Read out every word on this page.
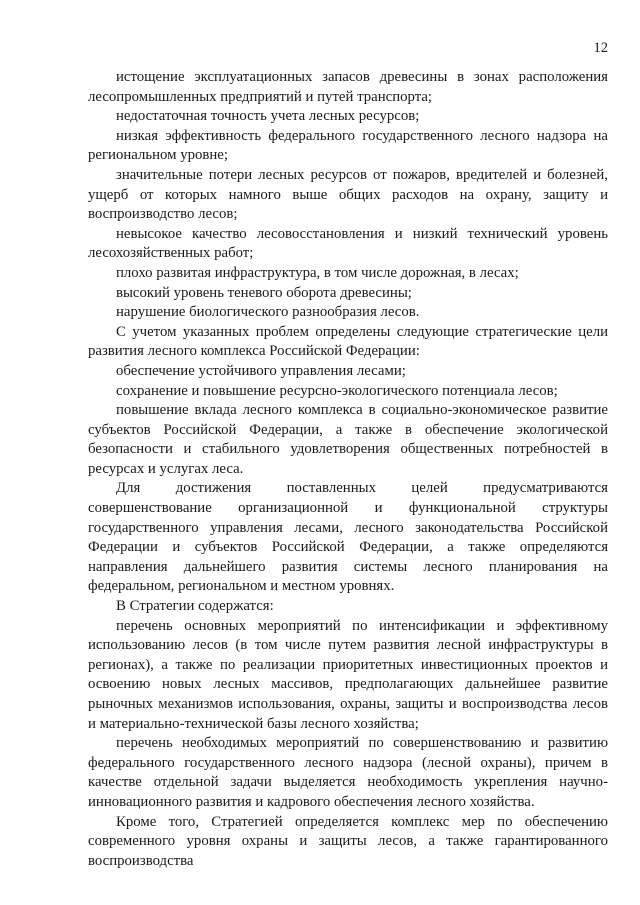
12

истощение эксплуатационных запасов древесины в зонах расположения лесопромышленных предприятий и путей транспорта;

недостаточная точность учета лесных ресурсов;

низкая эффективность федерального государственного лесного надзора на региональном уровне;

значительные потери лесных ресурсов от пожаров, вредителей и болезней, ущерб от которых намного выше общих расходов на охрану, защиту и воспроизводство лесов;

невысокое качество лесовосстановления и низкий технический уровень лесохозяйственных работ;

плохо развитая инфраструктура, в том числе дорожная, в лесах;

высокий уровень теневого оборота древесины;

нарушение биологического разнообразия лесов.

С учетом указанных проблем определены следующие стратегические цели развития лесного комплекса Российской Федерации:

обеспечение устойчивого управления лесами;

сохранение и повышение ресурсно-экологического потенциала лесов;

повышение вклада лесного комплекса в социально-экономическое развитие субъектов Российской Федерации, а также в обеспечение экологической безопасности и стабильного удовлетворения общественных потребностей в ресурсах и услугах леса.

Для достижения поставленных целей предусматриваются совершенствование организационной и функциональной структуры государственного управления лесами, лесного законодательства Российской Федерации и субъектов Российской Федерации, а также определяются направления дальнейшего развития системы лесного планирования на федеральном, региональном и местном уровнях.

В Стратегии содержатся:

перечень основных мероприятий по интенсификации и эффективному использованию лесов (в том числе путем развития лесной инфраструктуры в регионах), а также по реализации приоритетных инвестиционных проектов и освоению новых лесных массивов, предполагающих дальнейшее развитие рыночных механизмов использования, охраны, защиты и воспроизводства лесов и материально-технической базы лесного хозяйства;

перечень необходимых мероприятий по совершенствованию и развитию федерального государственного лесного надзора (лесной охраны), причем в качестве отдельной задачи выделяется необходимость укрепления научно-инновационного развития и кадрового обеспечения лесного хозяйства.

Кроме того, Стратегией определяется комплекс мер по обеспечению современного уровня охраны и защиты лесов, а также гарантированного воспроизводства
